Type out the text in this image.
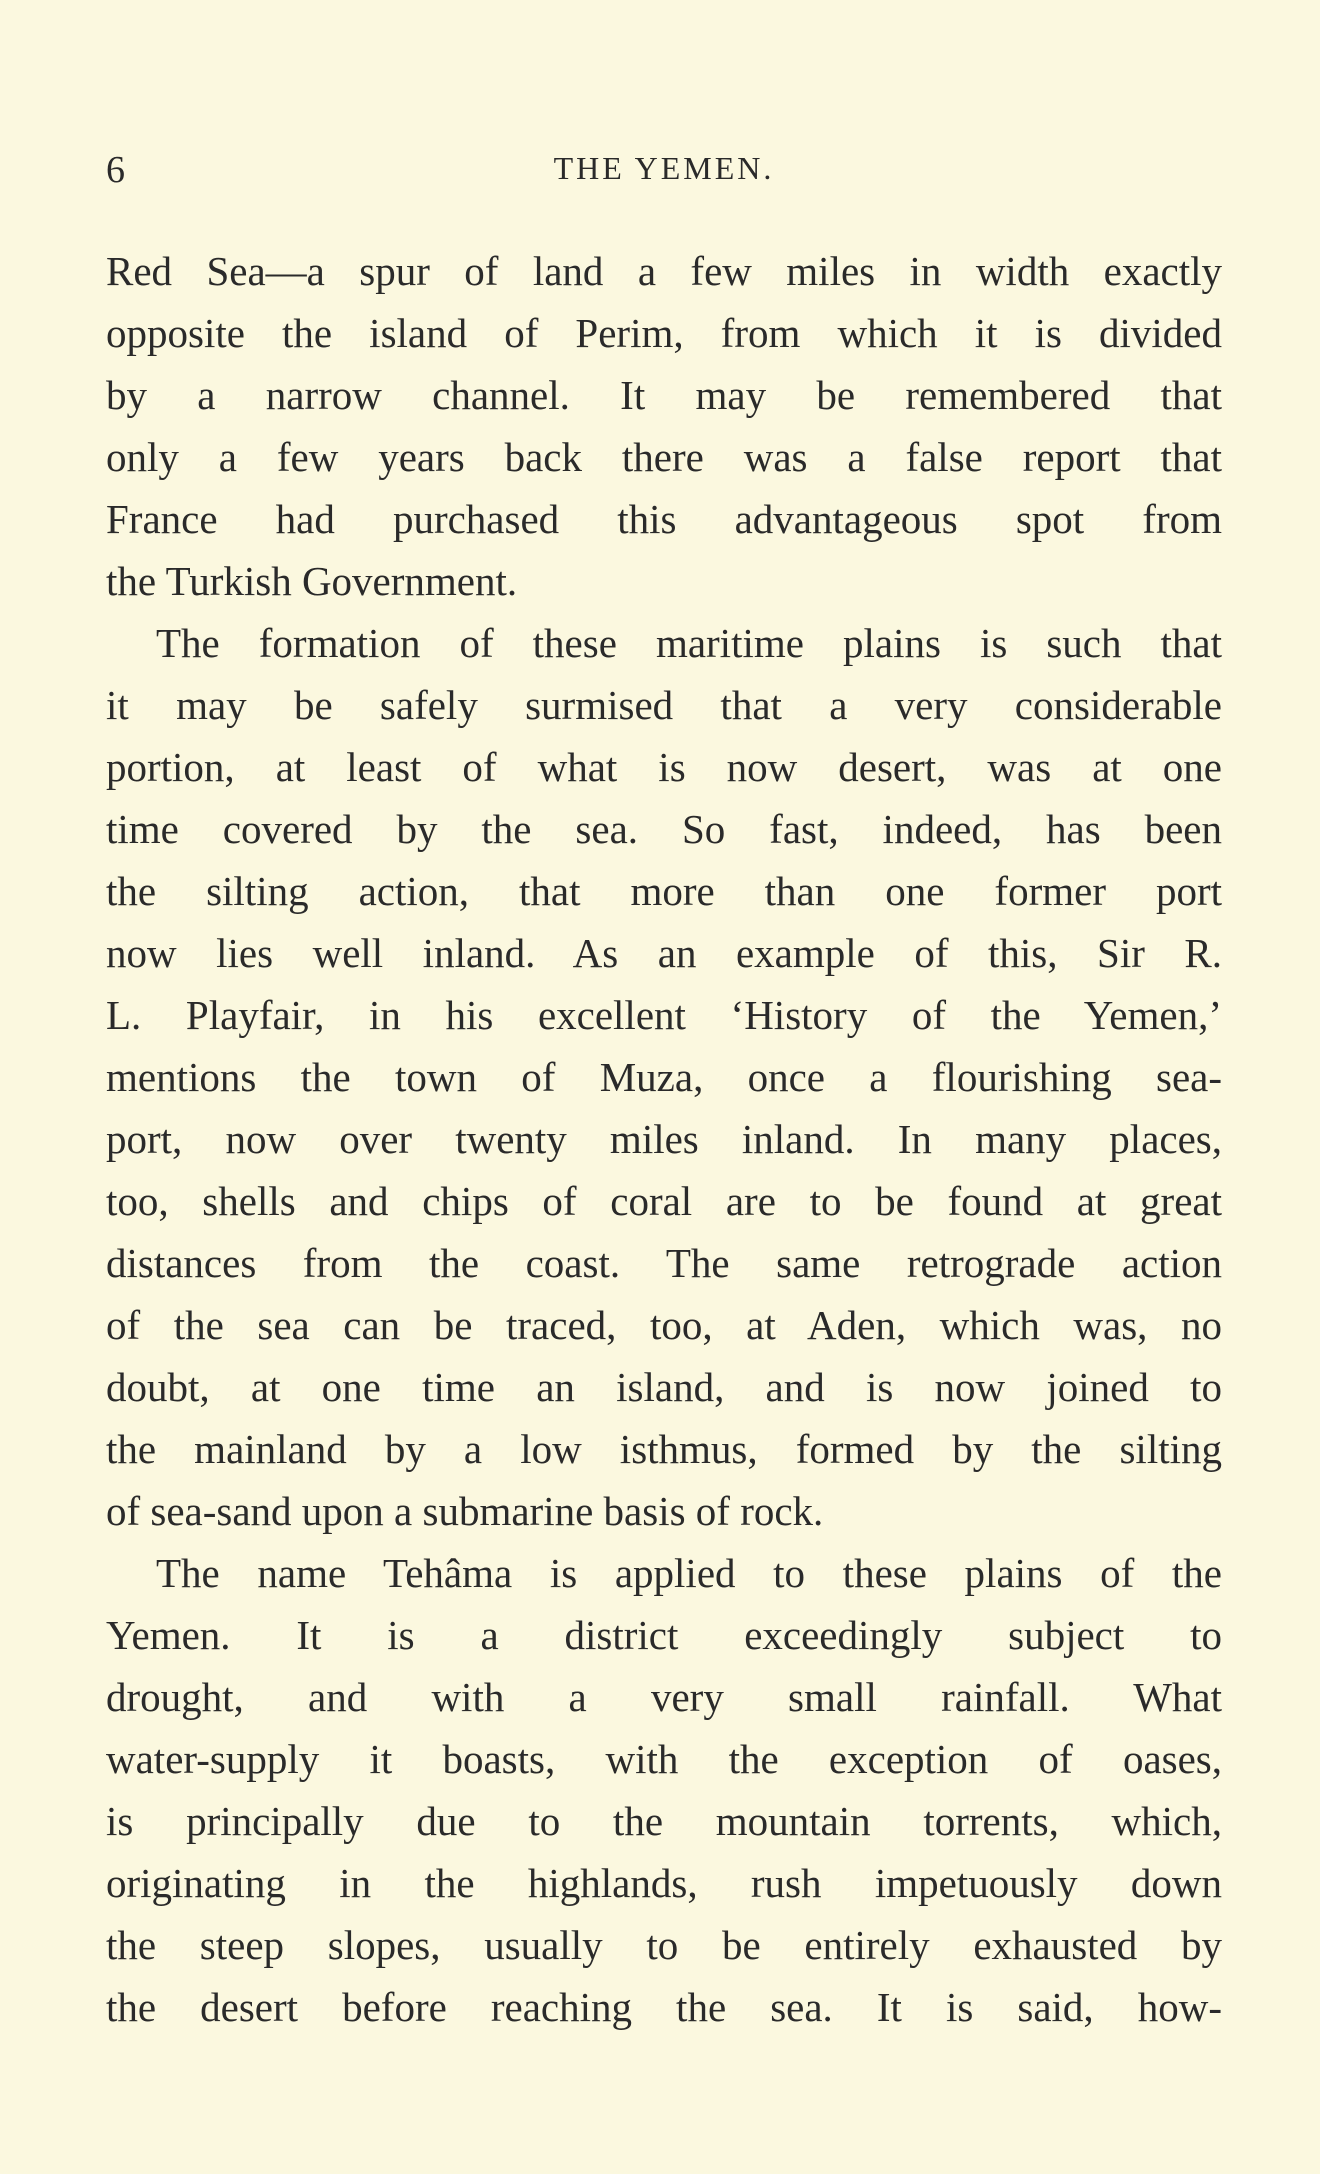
6	THE YEMEN.
Red Sea—a spur of land a few miles in width exactly
opposite the island of Perim, from which it is divided
by a narrow channel. It may be remembered that
only a few years back there was a false report that
France had purchased this advantageous spot from
the Turkish Government.
The formation of these maritime plains is such that
it may be safely surmised that a very considerable
portion, at least of what is now desert, was at one
time covered by the sea. So fast, indeed, has been
the silting action, that more than one former port
now lies well inland. As an example of this, Sir R.
L. Playfair, in his excellent ‘History of the Yemen,’
mentions the town of Muza, once a flourishing sea-
port, now over twenty miles inland. In many places,
too, shells and chips of coral are to be found at great
distances from the coast. The same retrograde action
of the sea can be traced, too, at Aden, which was, no
doubt, at one time an island, and is now joined to
the mainland by a low isthmus, formed by the silting
of sea-sand upon a submarine basis of rock.
The name Tehâma is applied to these plains of the
Yemen. It is a district exceedingly subject to
drought, and with a very small rainfall. What
water-supply it boasts, with the exception of oases,
is principally due to the mountain torrents, which,
originating in the highlands, rush impetuously down
the steep slopes, usually to be entirely exhausted by
the desert before reaching the sea. It is said, how-
